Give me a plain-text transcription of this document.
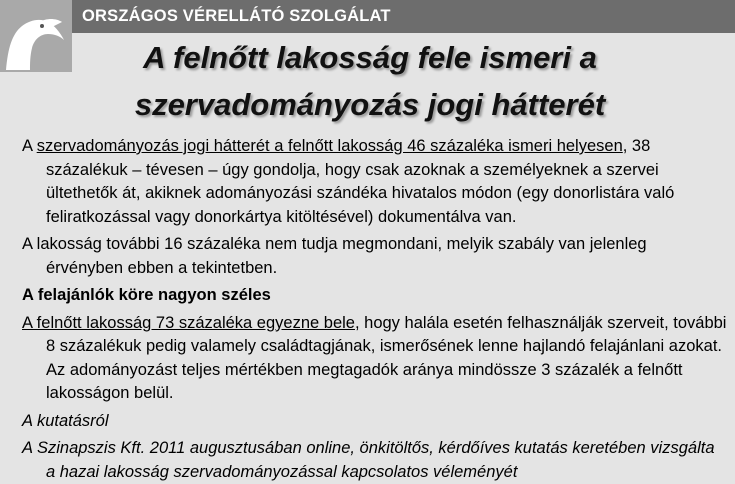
ORSZÁGOS VÉRELLÁTÓ SZOLGÁLAT
A felnőtt lakosság fele ismeri a
szervadományozás jogi hátterét

A szervadományozás jogi hátterét a felnőtt lakosság 46 százaléka ismeri helyesen, 38 százalékuk – tévesen – úgy gondolja, hogy csak azoknak a személyeknek a szervei ültethetők át, akiknek adományozási szándéka hivatalos módon (egy donorlistára való feliratkozással vagy donorkártya kitöltésével) dokumentálva van.

A lakosság további 16 százaléka nem tudja megmondani, melyik szabály van jelenleg érvényben ebben a tekintetben.

A felajánlók köre nagyon széles

A felnőtt lakosság 73 százaléka egyezne bele, hogy halála esetén felhasználják szerveit, további 8 százalékuk pedig valamely családtagjának, ismerősének lenne hajlandó felajánlani azokat. Az adományozást teljes mértékben megtagadók aránya mindössze 3 százalék a felnőtt lakosságon belül.

A kutatásról

A Szinapszis Kft. 2011 augusztusában online, önkitöltős, kérdőíves kutatás keretében vizsgálta a hazai lakosság szervadományozással kapcsolatos véleményét
